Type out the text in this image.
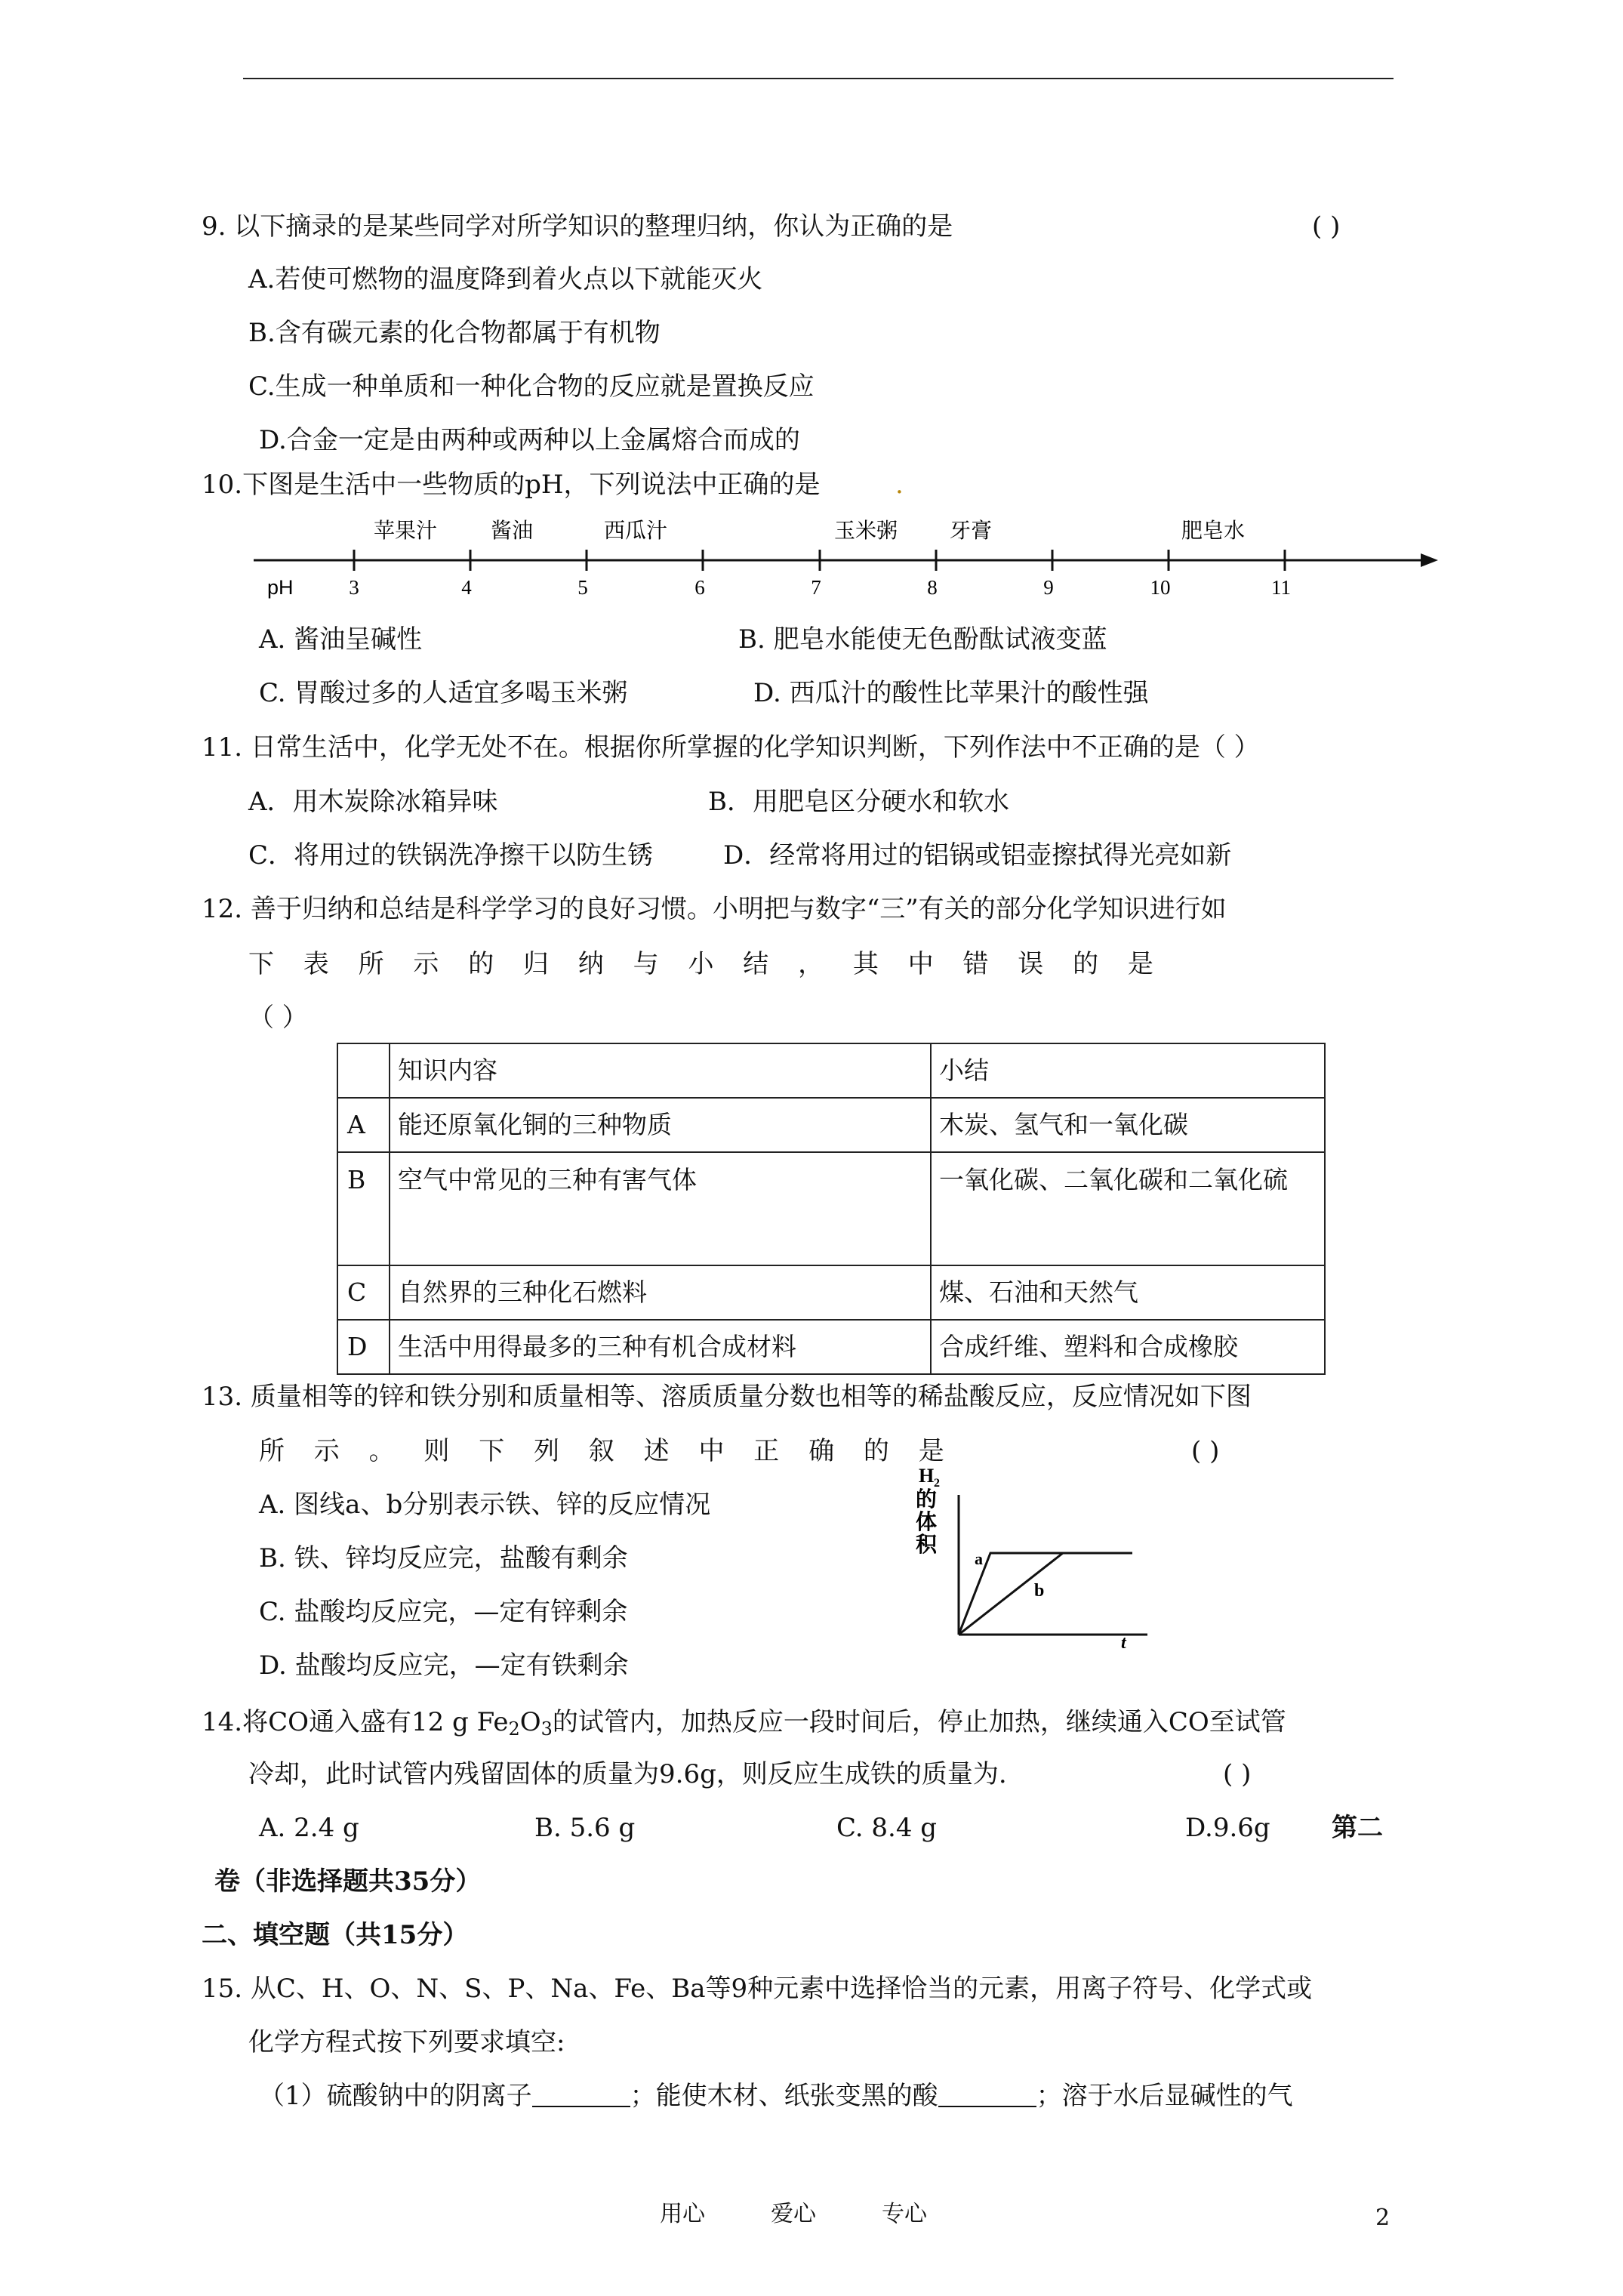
9. 以下摘录的是某些同学对所学知识的整理归纳，你认为正确的是	( )
A.若使可燃物的温度降到着火点以下就能灭火
B.含有碳元素的化合物都属于有机物
C.生成一种单质和一种化合物的反应就是置换反应
D.合金一定是由两种或两种以上金属熔合而成的
10.下图是生活中一些物质的pH，下列说法中正确的是	.
pH	3	4	5	6	7	8	9	10	11
苹果汁	酱油	西瓜汁	玉米粥 牙膏	肥皂水
A. 酱油呈碱性	B. 肥皂水能使无色酚酞试液变蓝
C. 胃酸过多的人适宜多喝玉米粥	D. 西瓜汁的酸性比苹果汁的酸性强
11. 日常生活中，化学无处不在。根据你所掌握的化学知识判断，下列作法中不正确的是（ ）
A．用木炭除冰箱异味	B．用肥皂区分硬水和软水
C．将用过的铁锅洗净擦干以防生锈	D．经常将用过的铝锅或铝壶擦拭得光亮如新
12. 善于归纳和总结是科学学习的良好习惯。小明把与数字“三”有关的部分化学知识进行如
下 表 所 示 的 归 纳 与 小 结 ， 其 中 错 误 的 是
（ ）
	知识内容	小结
A	能还原氧化铜的三种物质	木炭、氢气和一氧化碳
B	空气中常见的三种有害气体	一氧化碳、二氧化碳和二氧化硫
C	自然界的三种化石燃料	煤、石油和天然气
D	生活中用得最多的三种有机合成材料	合成纤维、塑料和合成橡胶
13. 质量相等的锌和铁分别和质量相等、溶质质量分数也相等的稀盐酸反应，反应情况如下图
所 示 。 则 下 列 叙 述 中 正 确 的 是	( )
A. 图线a、b分别表示铁、锌的反应情况
B. 铁、锌均反应完，盐酸有剩余
C. 盐酸均反应完，—定有锌剩余
D. 盐酸均反应完，—定有铁剩余
H 2
的
体
积
a
b
t
14.将CO通入盛有12 g $Fe_2O_3$的试管内，加热反应一段时间后，停止加热，继续通入CO至试管
冷却，此时试管内残留固体的质量为9.6g，则反应生成铁的质量为.	( )
A. 2.4 g	B. 5.6 g	C. 8.4 g	D.9.6g 第二
卷（非选择题共35分）
二、填空题（共15分）
15. 从C、H、O、N、S、P、Na、Fe、Ba等9种元素中选择恰当的元素，用离子符号、化学式或
化学方程式按下列要求填空:
（1）硫酸钠中的阴离子	；能使木材、纸张变黑的酸	；溶于水后显碱性的气
用心	爱心	专心	2
